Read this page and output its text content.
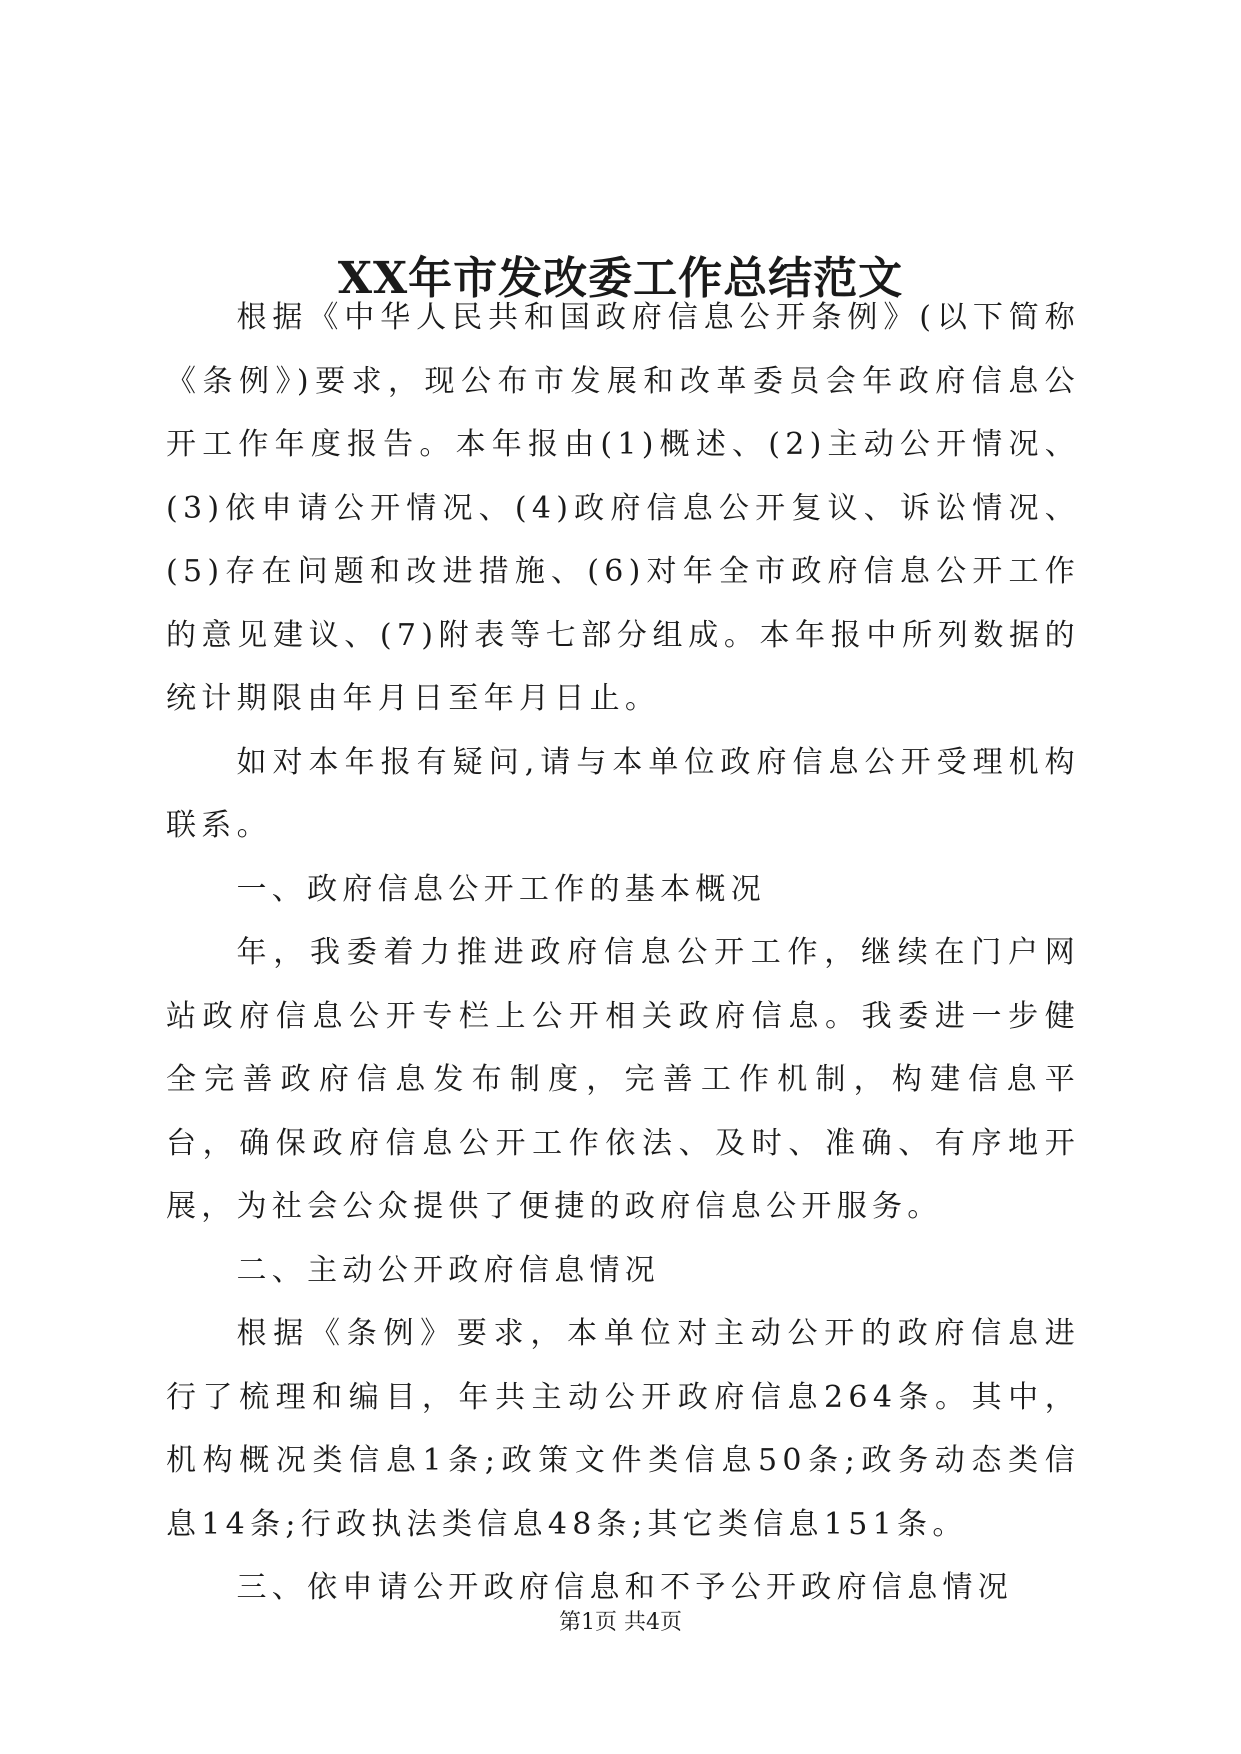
XX年市发改委工作总结范文

根据《中华人民共和国政府信息公开条例》(以下简称《条例》)要求，现公布市发展和改革委员会年政府信息公开工作年度报告。本年报由(1)概述、(2)主动公开情况、(3)依申请公开情况、(4)政府信息公开复议、诉讼情况、(5)存在问题和改进措施、(6)对年全市政府信息公开工作的意见建议、(7)附表等七部分组成。本年报中所列数据的统计期限由年月日至年月日止。

如对本年报有疑问,请与本单位政府信息公开受理机构联系。

一、政府信息公开工作的基本概况

年，我委着力推进政府信息公开工作，继续在门户网站政府信息公开专栏上公开相关政府信息。我委进一步健全完善政府信息发布制度，完善工作机制，构建信息平台，确保政府信息公开工作依法、及时、准确、有序地开展，为社会公众提供了便捷的政府信息公开服务。

二、主动公开政府信息情况

根据《条例》要求，本单位对主动公开的政府信息进行了梳理和编目，年共主动公开政府信息264条。其中，机构概况类信息1条;政策文件类信息50条;政务动态类信息14条;行政执法类信息48条;其它类信息151条。

三、依申请公开政府信息和不予公开政府信息情况

第1页 共4页
